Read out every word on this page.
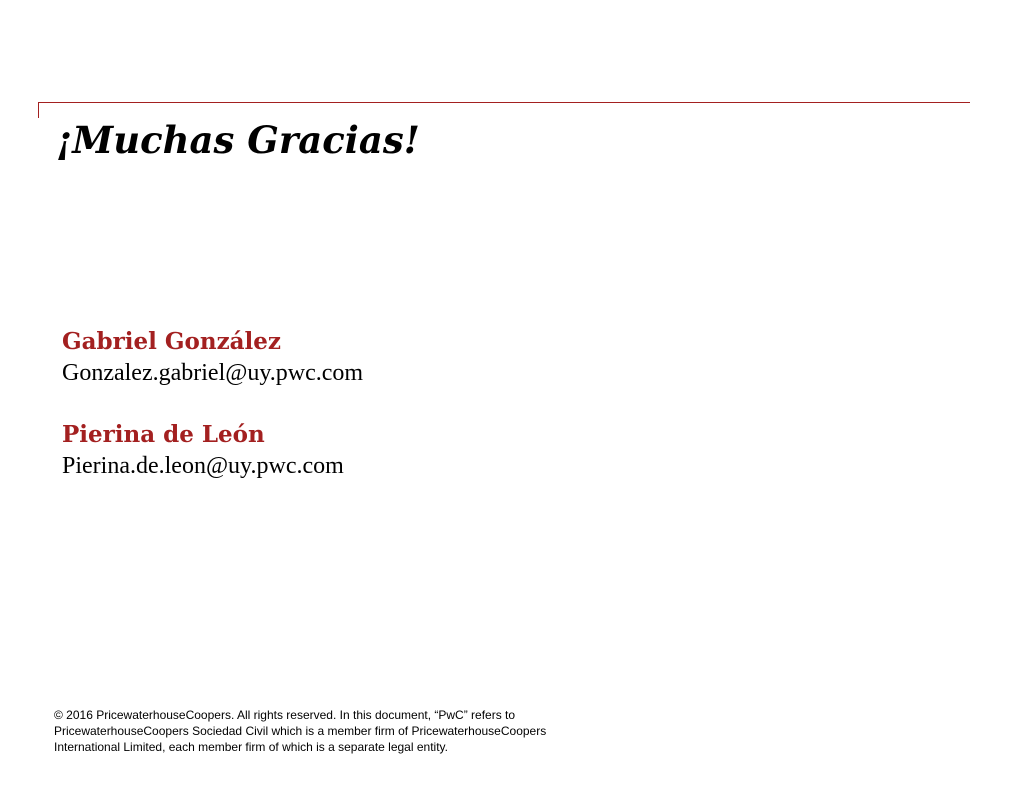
¡Muchas Gracias!
Gabriel González
Gonzalez.gabriel@uy.pwc.com
Pierina de León
Pierina.de.leon@uy.pwc.com

© 2016 PricewaterhouseCoopers. All rights reserved. In this document, “PwC” refers to PricewaterhouseCoopers Sociedad Civil which is a member firm of PricewaterhouseCoopers International Limited, each member firm of which is a separate legal entity.
